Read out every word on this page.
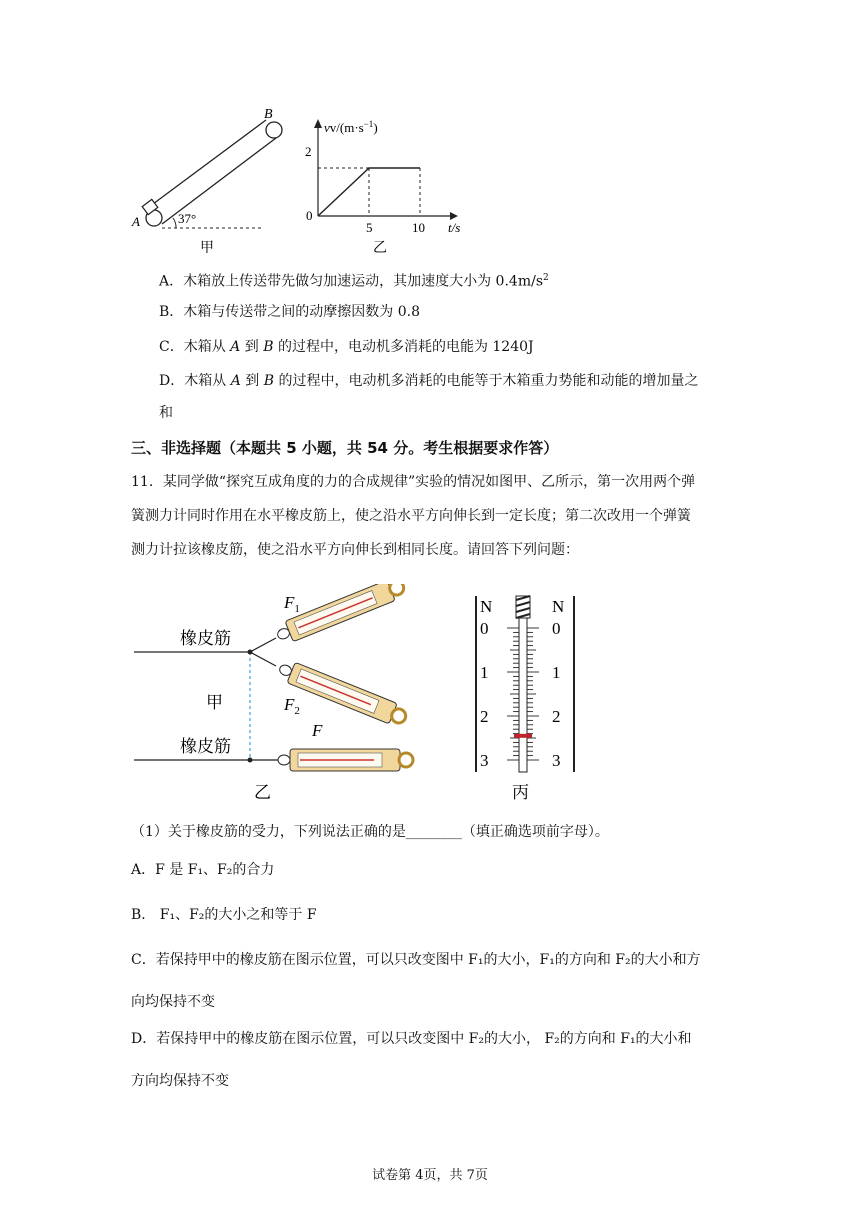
B
A	37°
甲
$vv/(m\cdot s^{-1})$
t/s
2
5	10
0
乙
A．木箱放上传送带先做匀加速运动，其加速度大小为 $0.4m/s^2$
B．木箱与传送带之间的动摩擦因数为 0.8
C．木箱从 A 到 B 的过程中，电动机多消耗的电能为 1240J
D．木箱从 A 到 B 的过程中，电动机多消耗的电能等于木箱重力势能和动能的增加量之
和
三、非选择题（本题共 5 小题，共 54 分。考生根据要求作答）
11．某同学做“探究互成角度的力的合成规律”实验的情况如图甲、乙所示，第一次用两个弹
簧测力计同时作用在水平橡皮筋上，使之沿水平方向伸长到一定长度；第二次改用一个弹簧
测力计拉该橡皮筋，使之沿水平方向伸长到相同长度。请回答下列问题：
橡皮筋
橡皮筋
甲
乙
$F_1$
$F_2$
F
N	N
0	0
1	1
2	2
3	3
丙
（1）关于橡皮筋的受力，下列说法正确的是________（填正确选项前字母）。
A．F 是 F₁、F₂的合力
B． F₁、F₂的大小之和等于 F
C．若保持甲中的橡皮筋在图示位置，可以只改变图中 F₁的大小，F₁的方向和 F₂的大小和方
向均保持不变
D．若保持甲中的橡皮筋在图示位置，可以只改变图中 F₂的大小， F₂的方向和 F₁的大小和
方向均保持不变
试卷第 4页，共 7页
